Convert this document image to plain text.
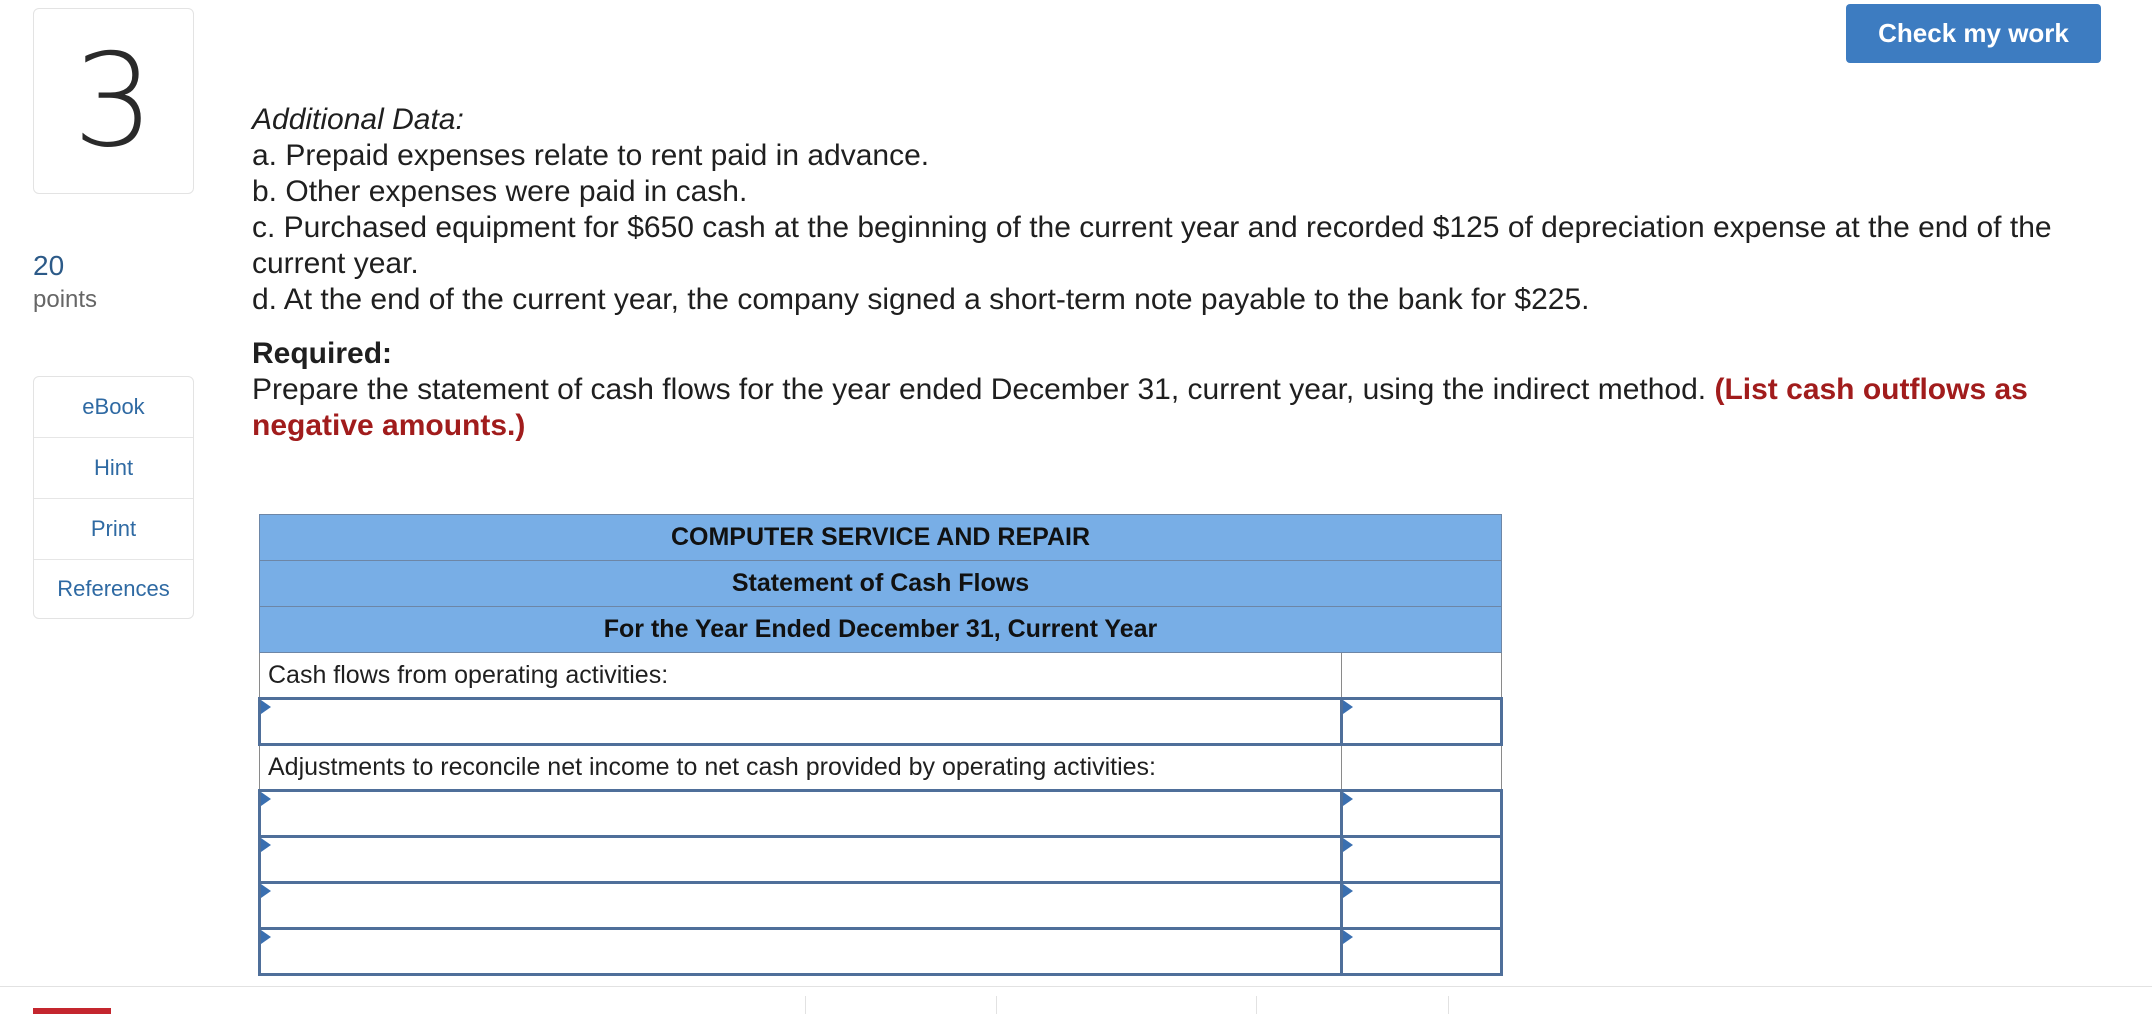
3
20
points
eBook
Hint
Print
References
Check my work

Additional Data:

a. Prepaid expenses relate to rent paid in advance.

b. Other expenses were paid in cash.

c. Purchased equipment for $650 cash at the beginning of the current year and recorded $125 of depreciation expense at the end of the current year.

d. At the end of the current year, the company signed a short-term note payable to the bank for $225.

Required:

Prepare the statement of cash flows for the year ended December 31, current year, using the indirect method. (List cash outflows as negative amounts.)

COMPUTER SERVICE AND REPAIR	
Statement of Cash Flows	
For the Year Ended December 31, Current Year	
Cash flows from operating activities:	

Adjustments to reconcile net income to net cash provided by operating activities:	
